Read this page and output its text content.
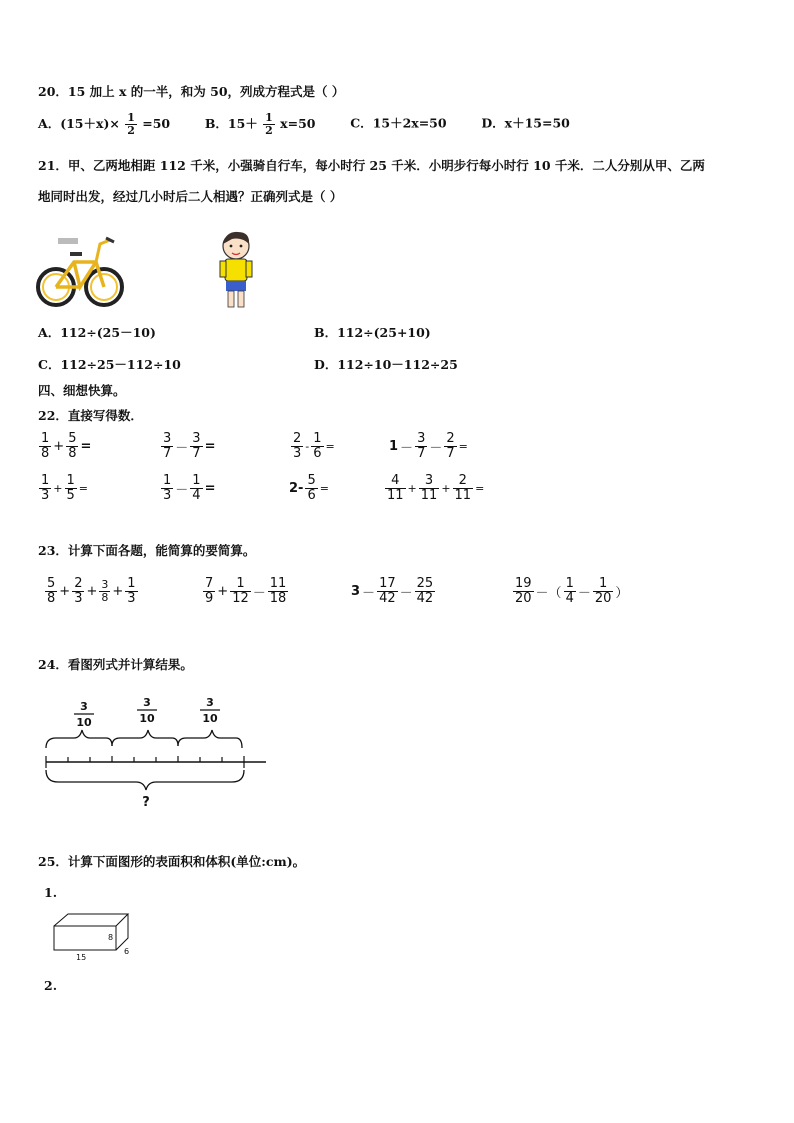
20．15 加上 x 的一半，和为 50，列成方程式是（ ）
A．$(15+x)\times \frac{1}{2} =50$	B．$15+ \frac{1}{2} x=50$	C．15＋2x=50	D．x＋15=50
21．甲、乙两地相距 112 千米，小强骑自行车，每小时行 25 千米．小明步行每小时行 10 千米．二人分别从甲、乙两
地同时出发，经过几小时后二人相遇？正确列式是（ ）
A．112÷(25－10)	B．112÷(25+10)
C．112÷25－112÷10	D．112÷10－112÷25
四、细想快算。
22．直接写得数．
$\frac{1}{8} + \frac{5}{8}$ =	$\frac{3}{7} - \frac{3}{7}$ =	$\frac{2}{3} - \frac{1}{6}$ =	$1 - \frac{3}{7} - \frac{2}{7}$ =
$\frac{1}{3} + \frac{1}{5}$ =	$\frac{1}{3} - \frac{1}{4}$ =	$2- \frac{5}{6}$ =	$\frac{4}{11} + \frac{3}{11} + \frac{2}{11}$ =
23．计算下面各题，能简算的要简算。
$\frac{5}{8} + \frac{2}{3} + \frac{3}{8} + \frac{1}{3}$	$\frac{7}{9} + \frac{1}{12} - \frac{11}{18}$	$3 - \frac{17}{42} - \frac{25}{42}$	$\frac{19}{20}$ －（ $\frac{1}{4} - \frac{1}{20}$ ）
24．看图列式并计算结果。
3
10
3
10
3
10
?
25．计算下面图形的表面积和体积(单位:cm)。
1.
8
15
6
2.
